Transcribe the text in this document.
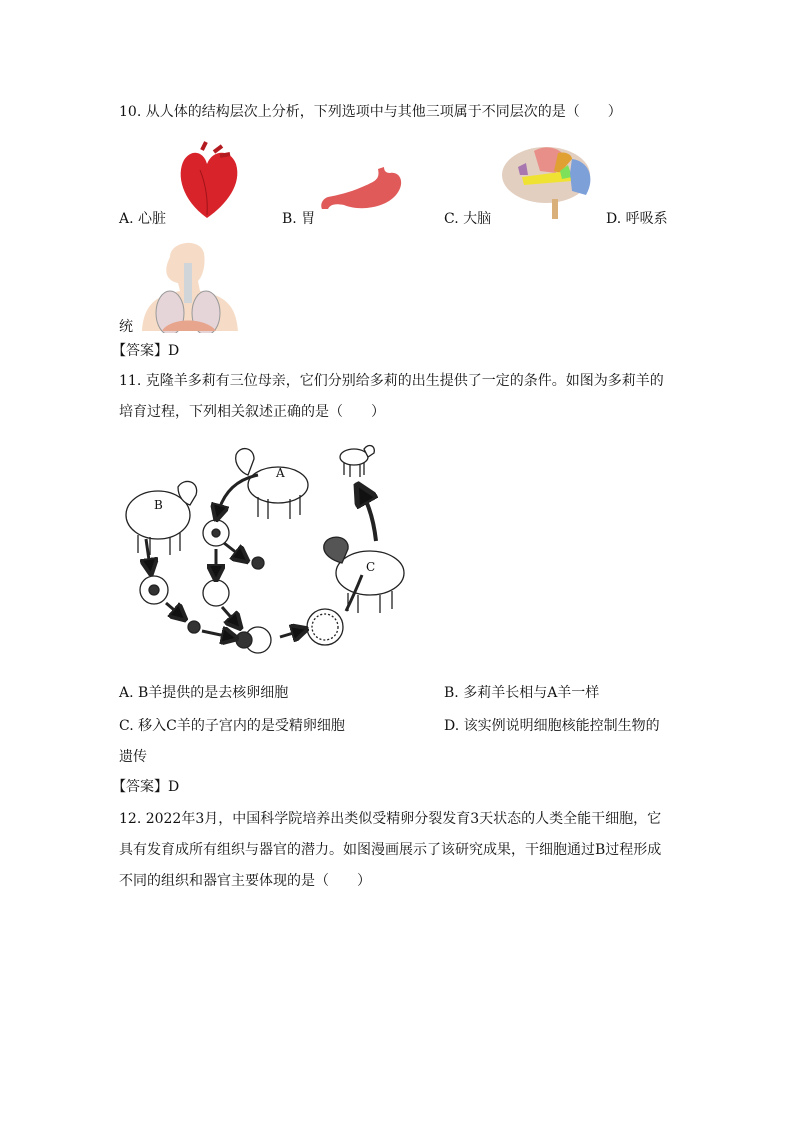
10. 从人体的结构层次上分析，下列选项中与其他三项属于不同层次的是（　　）
A. 心脏	B. 胃	C. 大脑	D. 呼吸系
统
【答案】D
11. 克隆羊多莉有三位母亲，它们分别给多莉的出生提供了一定的条件。如图为多莉羊的
培育过程，下列相关叙述正确的是（　　）
A
B
C
A. B羊提供的是去核卵细胞	B. 多莉羊长相与A羊一样
C. 移入C羊的子宫内的是受精卵细胞	D. 该实例说明细胞核能控制生物的
遗传
【答案】D
12. 2022年3月，中国科学院培养出类似受精卵分裂发育3天状态的人类全能干细胞，它
具有发育成所有组织与器官的潜力。如图漫画展示了该研究成果，干细胞通过B过程形成
不同的组织和器官主要体现的是（　　）
